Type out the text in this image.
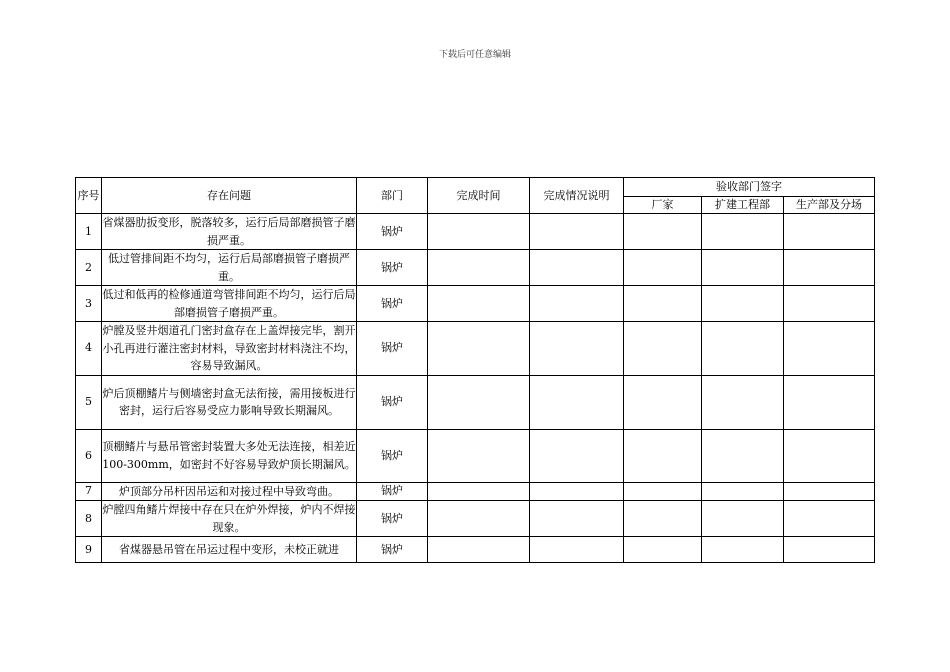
下载后可任意编辑
序号	存在问题	部门	完成时间	完成情况说明	验收部门签字		
					厂家	扩建工程部	生产部及分场
1	省煤器肋扳变形，脱落较多，运行后局部磨损管子磨损严重。	锅炉					
2	低过管排间距不均匀，运行后局部磨损管子磨损严重。	锅炉					
3	低过和低再的检修通道弯管排间距不均匀，运行后局部磨损管子磨损严重。	锅炉					
4	炉膛及竖井烟道孔门密封盒存在上盖焊接完毕，割开小孔再进行灌注密封材料，导致密封材料浇注不均，容易导致漏风。	锅炉					
5	炉后顶棚鳍片与侧墙密封盒无法衔接，需用接板进行密封，运行后容易受应力影响导致长期漏风。	锅炉					
6	顶棚鳍片与悬吊管密封装置大多处无法连接，相差近100-300mm，如密封不好容易导致炉顶长期漏风。	锅炉					
7	炉顶部分吊杆因吊运和对接过程中导致弯曲。	锅炉					
8	炉膛四角鳍片焊接中存在只在炉外焊接，炉内不焊接现象。	锅炉					
9	省煤器悬吊管在吊运过程中变形，未校正就进	锅炉					
